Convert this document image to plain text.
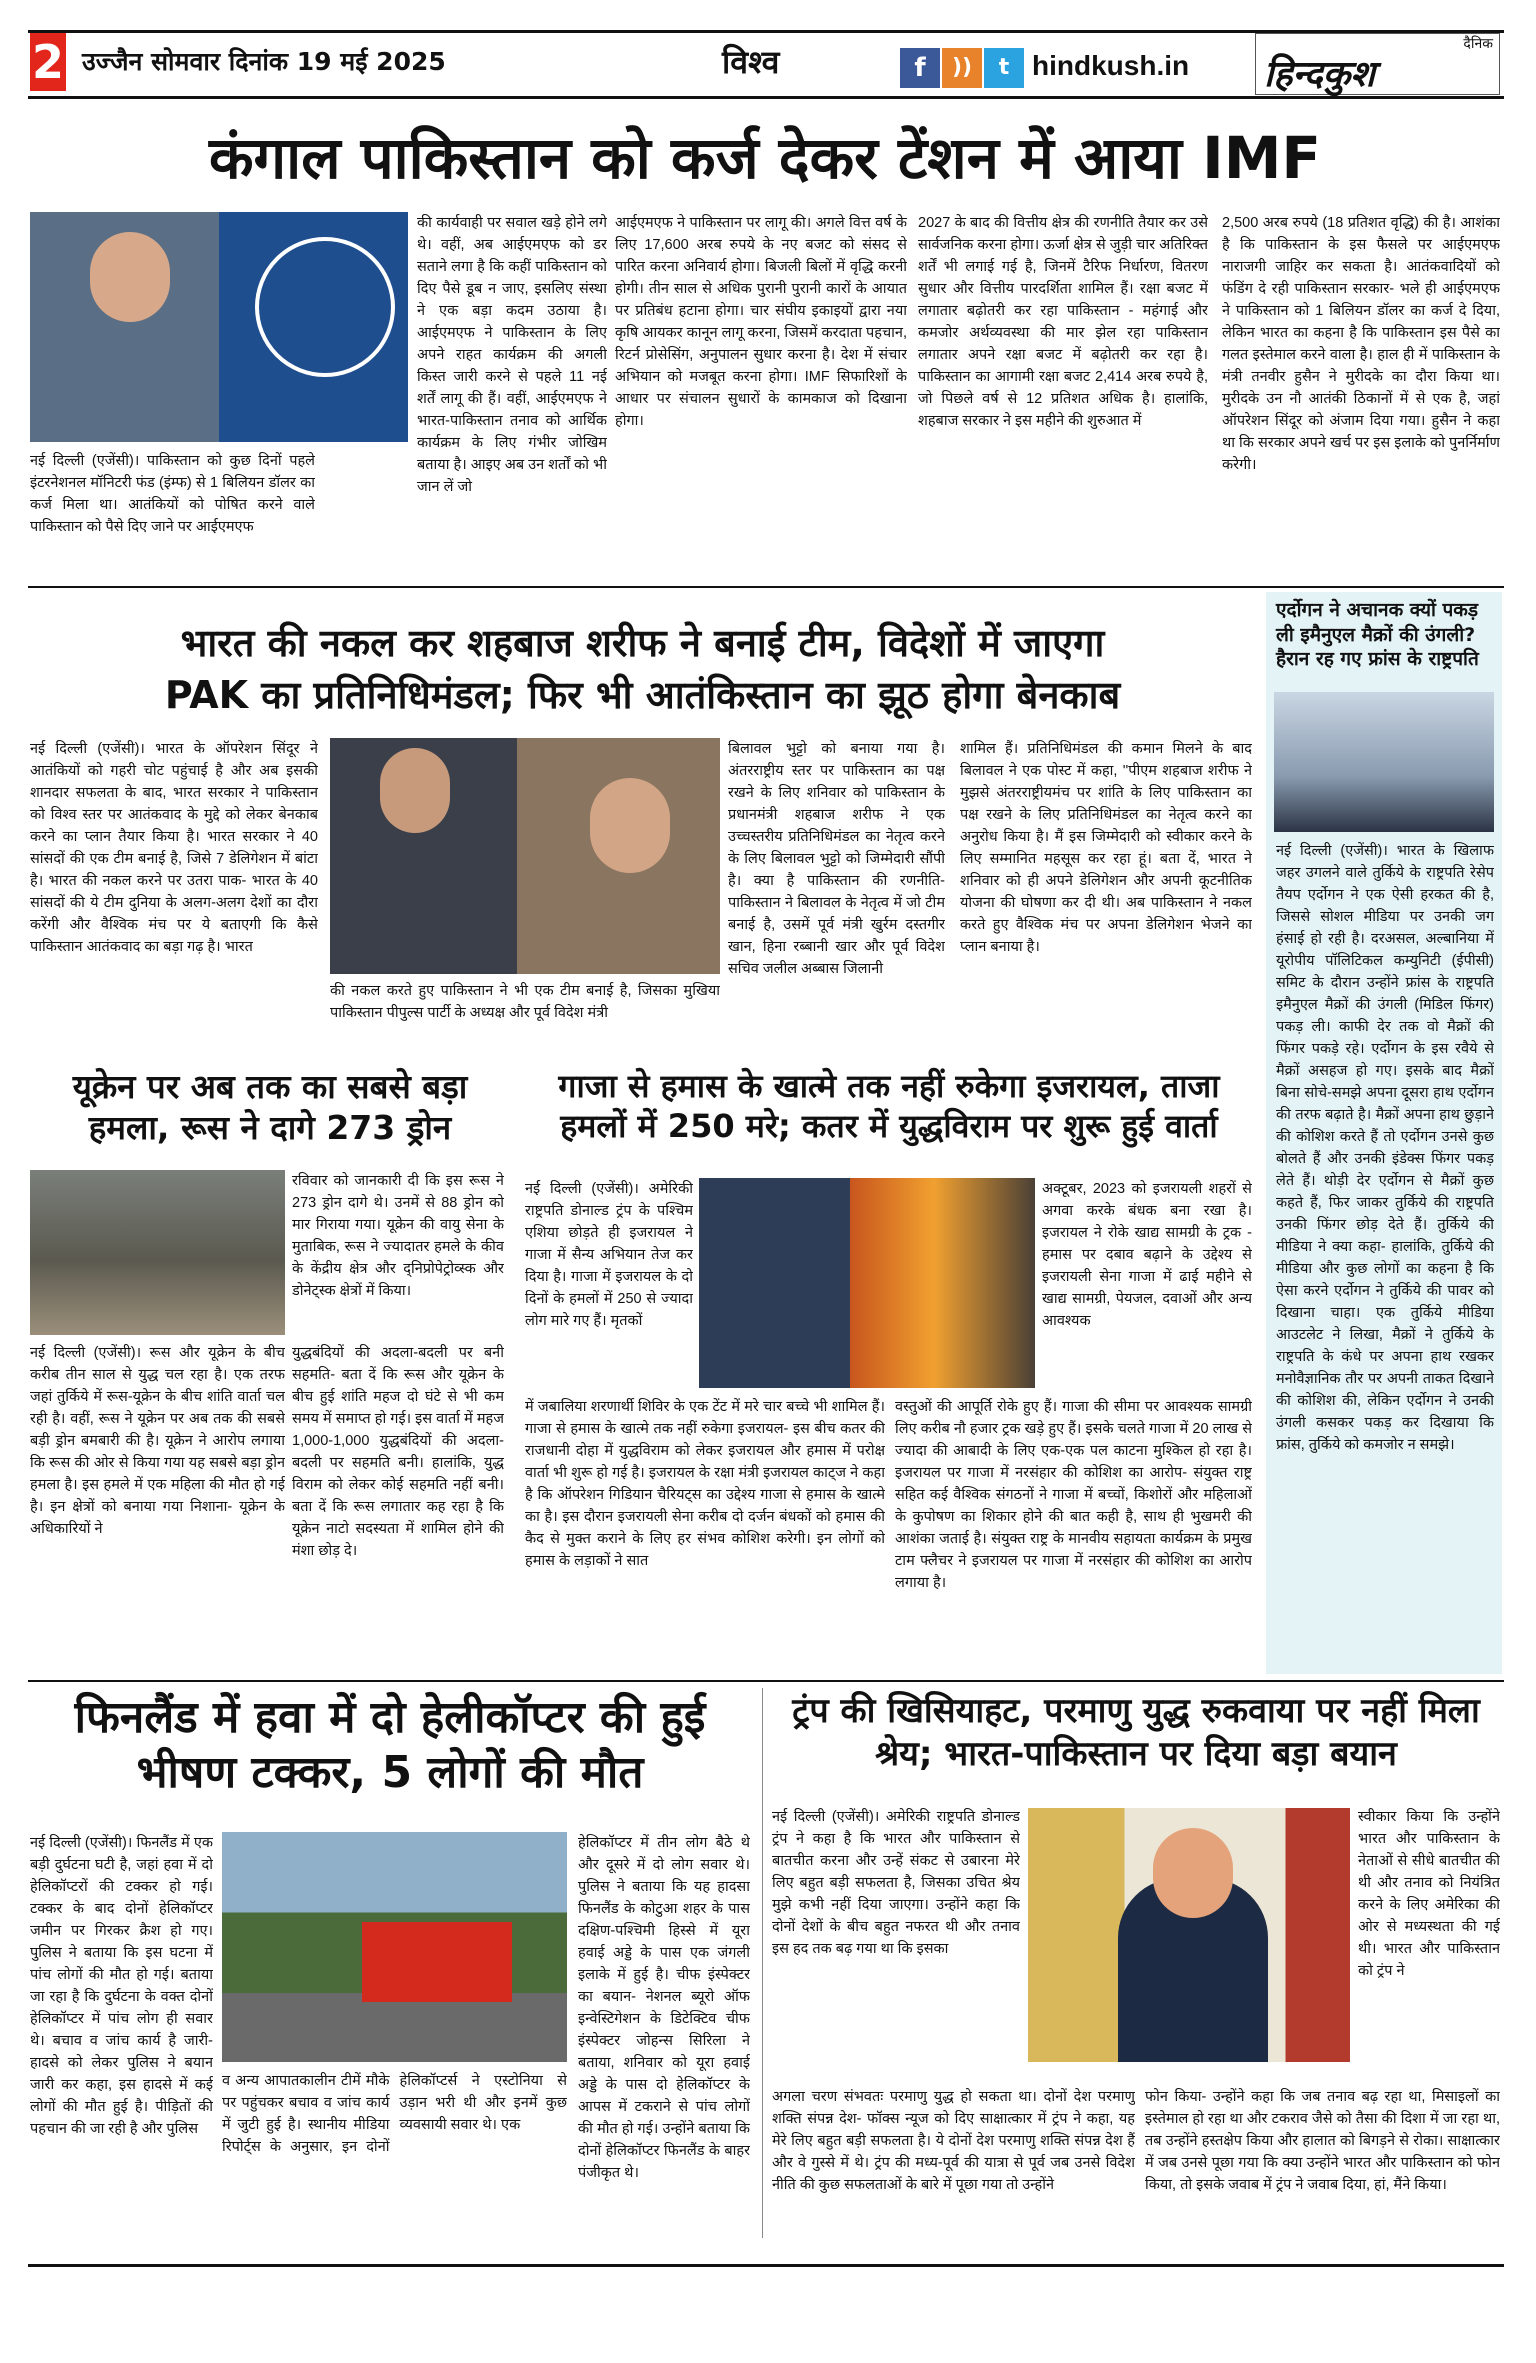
2 उज्जैन सोमवार दिनांक 19 मई 2025	विश्व	f	))	t hindkush.in
दैनिक
हिन्दकुश
कंगाल पाकिस्तान को कर्ज देकर टेंशन में आया IMF
नई दिल्ली (एजेंसी)। पाकिस्तान को कुछ दिनों पहले इंटरनेशनल मॉनिटरी फंड (इंम्फ) से 1 बिलियन डॉलर का कर्ज मिला था। आतंकियों को पोषित करने वाले पाकिस्तान को पैसे दिए जाने पर आईएमएफ
की कार्यवाही पर सवाल खड़े होने लगे थे। वहीं, अब आईएमएफ को डर सताने लगा है कि कहीं पाकिस्तान को दिए पैसे डूब न जाए, इसलिए संस्था ने एक बड़ा कदम उठाया है। आईएमएफ ने पाकिस्तान के लिए अपने राहत कार्यक्रम की अगली किस्त जारी करने से पहले 11 नई शर्तें लागू की हैं। वहीं, आईएमएफ ने भारत-पाकिस्तान तनाव को आर्थिक कार्यक्रम के लिए गंभीर जोखिम बताया है। आइए अब उन शर्तों को भी जान लें जो
आईएमएफ ने पाकिस्तान पर लागू की। अगले वित्त वर्ष के लिए 17,600 अरब रुपये के नए बजट को संसद से पारित करना अनिवार्य होगा। बिजली बिलों में वृद्धि करनी होगी। तीन साल से अधिक पुरानी पुरानी कारों के आयात पर प्रतिबंध हटाना होगा। चार संघीय इकाइयों द्वारा नया कृषि आयकर कानून लागू करना, जिसमें करदाता पहचान, रिटर्न प्रोसेसिंग, अनुपालन सुधार करना है। देश में संचार अभियान को मजबूत करना होगा। IMF सिफारिशों के आधार पर संचालन सुधारों के कामकाज को दिखाना होगा।
2027 के बाद की वित्तीय क्षेत्र की रणनीति तैयार कर उसे सार्वजनिक करना होगा। ऊर्जा क्षेत्र से जुड़ी चार अतिरिक्त शर्तें भी लगाई गई है, जिनमें टैरिफ निर्धारण, वितरण सुधार और वित्तीय पारदर्शिता शामिल हैं। रक्षा बजट में लगातार बढ़ोतरी कर रहा पाकिस्तान - महंगाई और कमजोर अर्थव्यवस्था की मार झेल रहा पाकिस्तान लगातार अपने रक्षा बजट में बढ़ोतरी कर रहा है। पाकिस्तान का आगामी रक्षा बजट 2,414 अरब रुपये है, जो पिछले वर्ष से 12 प्रतिशत अधिक है। हालांकि, शहबाज सरकार ने इस महीने की शुरुआत में
2,500 अरब रुपये (18 प्रतिशत वृद्धि) की है। आशंका है कि पाकिस्तान के इस फैसले पर आईएमएफ नाराजगी जाहिर कर सकता है। आतंकवादियों को फंडिंग दे रही पाकिस्तान सरकार- भले ही आईएमएफ ने पाकिस्तान को 1 बिलियन डॉलर का कर्ज दे दिया, लेकिन भारत का कहना है कि पाकिस्तान इस पैसे का गलत इस्तेमाल करने वाला है। हाल ही में पाकिस्तान के मंत्री तनवीर हुसैन ने मुरीदके का दौरा किया था। मुरीदके उन नौ आतंकी ठिकानों में से एक है, जहां ऑपरेशन सिंदूर को अंजाम दिया गया। हुसैन ने कहा था कि सरकार अपने खर्च पर इस इलाके को पुनर्निर्माण करेगी।
भारत की नकल कर शहबाज शरीफ ने बनाई टीम, विदेशों में जाएगा
PAK का प्रतिनिधिमंडल; फिर भी आतंकिस्तान का झूठ होगा बेनकाब
नई दिल्ली (एजेंसी)। भारत के ऑपरेशन सिंदूर ने आतंकियों को गहरी चोट पहुंचाई है और अब इसकी शानदार सफलता के बाद, भारत सरकार ने पाकिस्तान को विश्व स्तर पर आतंकवाद के मुद्दे को लेकर बेनकाब करने का प्लान तैयार किया है। भारत सरकार ने 40 सांसदों की एक टीम बनाई है, जिसे 7 डेलिगेशन में बांटा है। भारत की नकल करने पर उतरा पाक- भारत के 40 सांसदों की ये टीम दुनिया के अलग-अलग देशों का दौरा करेंगी और वैश्विक मंच पर ये बताएगी कि कैसे पाकिस्तान आतंकवाद का बड़ा गढ़ है। भारत
की नकल करते हुए पाकिस्तान ने भी एक टीम बनाई है, जिसका मुखिया पाकिस्तान पीपुल्स पार्टी के अध्यक्ष और पूर्व विदेश मंत्री
बिलावल भुट्टो को बनाया गया है। अंतरराष्ट्रीय स्तर पर पाकिस्तान का पक्ष रखने के लिए शनिवार को पाकिस्तान के प्रधानमंत्री शहबाज शरीफ ने एक उच्चस्तरीय प्रतिनिधिमंडल का नेतृत्व करने के लिए बिलावल भुट्टो को जिम्मेदारी सौंपी है। क्या है पाकिस्तान की रणनीति- पाकिस्तान ने बिलावल के नेतृत्व में जो टीम बनाई है, उसमें पूर्व मंत्री खुर्रम दस्तगीर खान, हिना रब्बानी खार और पूर्व विदेश सचिव जलील अब्बास जिलानी
शामिल हैं। प्रतिनिधिमंडल की कमान मिलने के बाद बिलावल ने एक पोस्ट में कहा, ''पीएम शहबाज शरीफ ने मुझसे अंतरराष्ट्रीयमंच पर शांति के लिए पाकिस्तान का पक्ष रखने के लिए प्रतिनिधिमंडल का नेतृत्व करने का अनुरोध किया है। मैं इस जिम्मेदारी को स्वीकार करने के लिए सम्मानित महसूस कर रहा हूं। बता दें, भारत ने शनिवार को ही अपने डेलिगेशन और अपनी कूटनीतिक योजना की घोषणा कर दी थी। अब पाकिस्तान ने नकल करते हुए वैश्विक मंच पर अपना डेलिगेशन भेजने का प्लान बनाया है।
एर्दोगन ने अचानक क्यों पकड़ ली इमैनुएल मैक्रों की उंगली? हैरान रह गए फ्रांस के राष्ट्रपति
नई दिल्ली (एजेंसी)। भारत के खिलाफ जहर उगलने वाले तुर्किये के राष्ट्रपति रेसेप तैयप एर्दोगन ने एक ऐसी हरकत की है, जिससे सोशल मीडिया पर उनकी जग हंसाई हो रही है। दरअसल, अल्बानिया में यूरोपीय पॉलिटिकल कम्युनिटी (ईपीसी) समिट के दौरान उन्होंने फ्रांस के राष्ट्रपति इमैनुएल मैक्रों की उंगली (मिडिल फिंगर) पकड़ ली। काफी देर तक वो मैक्रों की फिंगर पकड़े रहे। एर्दोगन के इस रवैये से मैक्रों असहज हो गए। इसके बाद मैक्रों बिना सोचे-समझे अपना दूसरा हाथ एर्दोगन की तरफ बढ़ाते है। मैक्रों अपना हाथ छुड़ाने की कोशिश करते हैं तो एर्दोगन उनसे कुछ बोलते हैं और उनकी इंडेक्स फिंगर पकड़ लेते हैं। थोड़ी देर एर्दोगन से मैक्रों कुछ कहते हैं, फिर जाकर तुर्किये की राष्ट्रपति उनकी फिंगर छोड़ देते हैं। तुर्किये की मीडिया ने क्या कहा- हालांकि, तुर्किये की मीडिया और कुछ लोगों का कहना है कि ऐसा करने एर्दोगन ने तुर्किये की पावर को दिखाना चाहा। एक तुर्किये मीडिया आउटलेट ने लिखा, मैक्रों ने तुर्किये के राष्ट्रपति के कंधे पर अपना हाथ रखकर मनोवैज्ञानिक तौर पर अपनी ताकत दिखाने की कोशिश की, लेकिन एर्दोगन ने उनकी उंगली कसकर पकड़ कर दिखाया कि फ्रांस, तुर्किये को कमजोर न समझे।
यूक्रेन पर अब तक का सबसे बड़ा हमला, रूस ने दागे 273 ड्रोन
रविवार को जानकारी दी कि इस रूस ने 273 ड्रोन दागे थे। उनमें से 88 ड्रोन को मार गिराया गया। यूक्रेन की वायु सेना के मुताबिक, रूस ने ज्यादातर हमले के कीव के केंद्रीय क्षेत्र और द्निप्रोपेट्रोव्स्क और डोनेट्स्क क्षेत्रों में किया।
नई दिल्ली (एजेंसी)। रूस और यूक्रेन के बीच करीब तीन साल से युद्ध चल रहा है। एक तरफ जहां तुर्किये में रूस-यूक्रेन के बीच शांति वार्ता चल रही है। वहीं, रूस ने यूक्रेन पर अब तक की सबसे बड़ी ड्रोन बमबारी की है। यूक्रेन ने आरोप लगाया कि रूस की ओर से किया गया यह सबसे बड़ा ड्रोन हमला है। इस हमले में एक महिला की मौत हो गई है। इन क्षेत्रों को बनाया गया निशाना- यूक्रेन के अधिकारियों ने
युद्धबंदियों की अदला-बदली पर बनी सहमति- बता दें कि रूस और यूक्रेन के बीच हुई शांति महज दो घंटे से भी कम समय में समाप्त हो गई। इस वार्ता में महज 1,000-1,000 युद्धबंदियों की अदला-बदली पर सहमति बनी। हालांकि, युद्ध विराम को लेकर कोई सहमति नहीं बनी। बता दें कि रूस लगातार कह रहा है कि यूक्रेन नाटो सदस्यता में शामिल होने की मंशा छोड़ दे।
गाजा से हमास के खात्मे तक नहीं रुकेगा इजरायल, ताजा हमलों में 250 मरे; कतर में युद्धविराम पर शुरू हुई वार्ता
नई दिल्ली (एजेंसी)। अमेरिकी राष्ट्रपति डोनाल्ड ट्रंप के पश्चिम एशिया छोड़ते ही इजरायल ने गाजा में सैन्य अभियान तेज कर दिया है। गाजा में इजरायल के दो दिनों के हमलों में 250 से ज्यादा लोग मारे गए हैं। मृतकों
अक्टूबर, 2023 को इजरायली शहरों से अगवा करके बंधक बना रखा है। इजरायल ने रोके खाद्य सामग्री के ट्रक - हमास पर दबाव बढ़ाने के उद्देश्य से इजरायली सेना गाजा में ढाई महीने से खाद्य सामग्री, पेयजल, दवाओं और अन्य आवश्यक
में जबालिया शरणार्थी शिविर के एक टेंट में मरे चार बच्चे भी शामिल हैं। गाजा से हमास के खात्मे तक नहीं रुकेगा इजरायल- इस बीच कतर की राजधानी दोहा में युद्धविराम को लेकर इजरायल और हमास में परोक्ष वार्ता भी शुरू हो गई है। इजरायल के रक्षा मंत्री इजरायल काट्ज ने कहा है कि ऑपरेशन गिडियान चैरियट्स का उद्देश्य गाजा से हमास के खात्मे का है। इस दौरान इजरायली सेना करीब दो दर्जन बंधकों को हमास की कैद से मुक्त कराने के लिए हर संभव कोशिश करेगी। इन लोगों को हमास के लड़ाकों ने सात
वस्तुओं की आपूर्ति रोके हुए हैं। गाजा की सीमा पर आवश्यक सामग्री लिए करीब नौ हजार ट्रक खड़े हुए हैं। इसके चलते गाजा में 20 लाख से ज्यादा की आबादी के लिए एक-एक पल काटना मुश्किल हो रहा है। इजरायल पर गाजा में नरसंहार की कोशिश का आरोप- संयुक्त राष्ट्र सहित कई वैश्विक संगठनों ने गाजा में बच्चों, किशोरों और महिलाओं के कुपोषण का शिकार होने की बात कही है, साथ ही भुखमरी की आशंका जताई है। संयुक्त राष्ट्र के मानवीय सहायता कार्यक्रम के प्रमुख टाम फ्लैचर ने इजरायल पर गाजा में नरसंहार की कोशिश का आरोप लगाया है।
फिनलैंड में हवा में दो हेलीकॉप्टर की हुई भीषण टक्कर, 5 लोगों की मौत
नई दिल्ली (एजेंसी)। फिनलैंड में एक बड़ी दुर्घटना घटी है, जहां हवा में दो हेलिकॉप्टरों की टक्कर हो गई। टक्कर के बाद दोनों हेलिकॉप्टर जमीन पर गिरकर क्रैश हो गए। पुलिस ने बताया कि इस घटना में पांच लोगों की मौत हो गई। बताया जा रहा है कि दुर्घटना के वक्त दोनों हेलिकॉप्टर में पांच लोग ही सवार थे। बचाव व जांच कार्य है जारी- हादसे को लेकर पुलिस ने बयान जारी कर कहा, इस हादसे में कई लोगों की मौत हुई है। पीड़ितों की पहचान की जा रही है और पुलिस
व अन्य आपातकालीन टीमें मौके पर पहुंचकर बचाव व जांच कार्य में जुटी हुई है। स्थानीय मीडिया रिपोर्ट्स के अनुसार, इन दोनों हेलिकॉप्टर्स ने एस्टोनिया से उड़ान भरी थी और इनमें कुछ व्यवसायी सवार थे। एक
हेलिकॉप्टर में तीन लोग बैठे थे और दूसरे में दो लोग सवार थे। पुलिस ने बताया कि यह हादसा फिनलैंड के कोटुआ शहर के पास दक्षिण-पश्चिमी हिस्से में यूरा हवाई अड्डे के पास एक जंगली इलाके में हुई है। चीफ इंस्पेक्टर का बयान- नेशनल ब्यूरो ऑफ इन्वेस्टिगेशन के डिटेक्टिव चीफ इंस्पेक्टर जोहन्स सिरिला ने बताया, शनिवार को यूरा हवाई अड्डे के पास दो हेलिकॉप्टर के आपस में टकराने से पांच लोगों की मौत हो गई। उन्होंने बताया कि दोनों हेलिकॉप्टर फिनलैंड के बाहर पंजीकृत थे।
ट्रंप की खिसियाहट, परमाणु युद्ध रुकवाया पर नहीं मिला श्रेय; भारत-पाकिस्तान पर दिया बड़ा बयान
नई दिल्ली (एजेंसी)। अमेरिकी राष्ट्रपति डोनाल्ड ट्रंप ने कहा है कि भारत और पाकिस्तान से बातचीत करना और उन्हें संकट से उबारना मेरे लिए बहुत बड़ी सफलता है, जिसका उचित श्रेय मुझे कभी नहीं दिया जाएगा। उन्होंने कहा कि दोनों देशों के बीच बहुत नफरत थी और तनाव इस हद तक बढ़ गया था कि इसका
स्वीकार किया कि उन्होंने भारत और पाकिस्तान के नेताओं से सीधे बातचीत की थी और तनाव को नियंत्रित करने के लिए अमेरिका की ओर से मध्यस्थता की गई थी। भारत और पाकिस्तान को ट्रंप ने
अगला चरण संभवतः परमाणु युद्ध हो सकता था। दोनों देश परमाणु शक्ति संपन्न देश- फॉक्स न्यूज को दिए साक्षात्कार में ट्रंप ने कहा, यह मेरे लिए बहुत बड़ी सफलता है। ये दोनों देश परमाणु शक्ति संपन्न देश हैं और वे गुस्से में थे। ट्रंप की मध्य-पूर्व की यात्रा से पूर्व जब उनसे विदेश नीति की कुछ सफलताओं के बारे में पूछा गया तो उन्होंने
फोन किया- उन्होंने कहा कि जब तनाव बढ़ रहा था, मिसाइलों का इस्तेमाल हो रहा था और टकराव जैसे को तैसा की दिशा में जा रहा था, तब उन्होंने हस्तक्षेप किया और हालात को बिगड़ने से रोका। साक्षात्कार में जब उनसे पूछा गया कि क्या उन्होंने भारत और पाकिस्तान को फोन किया, तो इसके जवाब में ट्रंप ने जवाब दिया, हां, मैंने किया।
